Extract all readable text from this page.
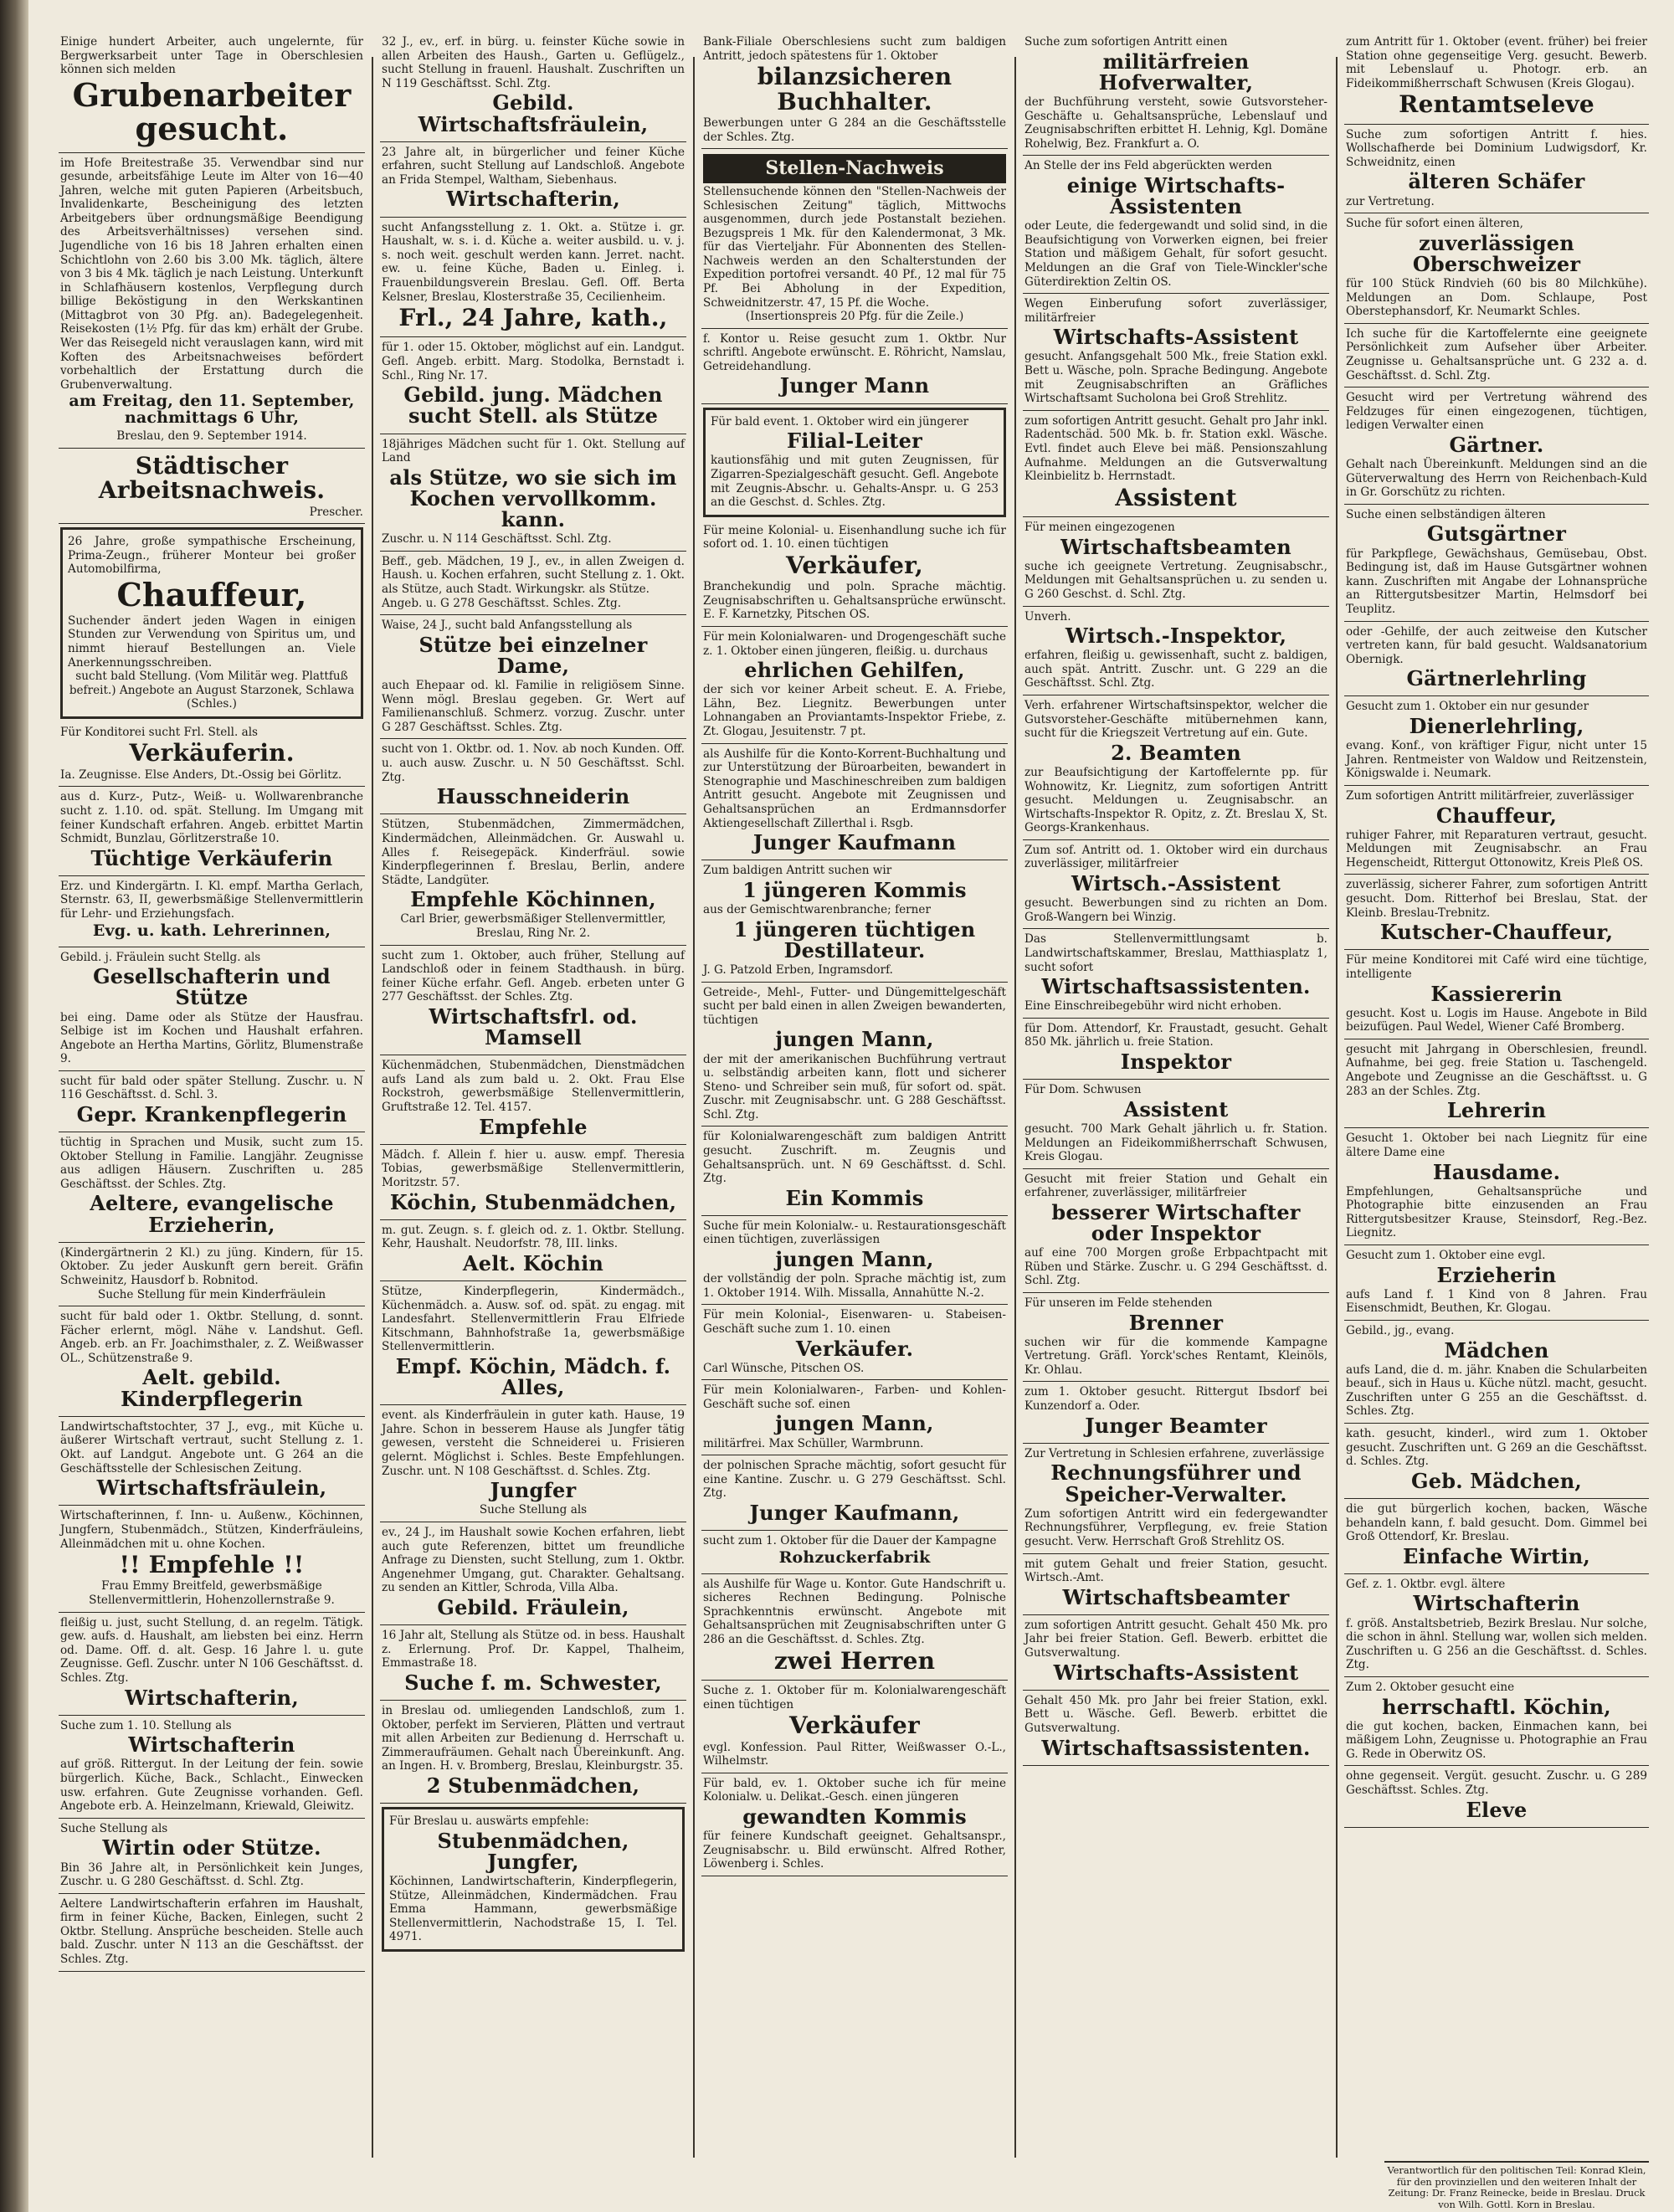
Einige hundert Arbeiter, auch ungelernte, für Bergwerksarbeit unter Tage in Oberschlesien können sich melden
Grubenarbeiter gesucht.
im Hofe Breitestraße 35. Verwendbar sind nur gesunde, arbeitsfähige Leute im Alter von 16—40 Jahren, welche mit guten Papieren (Arbeitsbuch, Invalidenkarte, Bescheinigung des letzten Arbeitgebers über ordnungsmäßige Beendigung des Arbeitsverhältnisses) versehen sind. Jugendliche von 16 bis 18 Jahren erhalten einen Schichtlohn von 2.60 bis 3.00 Mk. täglich, ältere von 3 bis 4 Mk. täglich je nach Leistung. Unterkunft in Schlafhäusern kostenlos, Verpflegung durch billige Beköstigung in den Werkskantinen (Mittagbrot von 30 Pfg. an). Badegelegenheit. Reisekosten (1½ Pfg. für das km) erhält der Grube. Wer das Reisegeld nicht verauslagen kann, wird mit Koften des Arbeitsnachweises befördert vorbehaltlich der Erstattung durch die Grubenverwaltung.
am Freitag, den 11. September, nachmittags 6 Uhr,
Breslau, den 9. September 1914.
Städtischer Arbeitsnachweis.
Prescher.
26 Jahre, große sympathische Erscheinung, Prima-Zeugn., früherer Monteur bei großer Automobilfirma,
Chauffeur,
Suchender ändert jeden Wagen in einigen Stunden zur Verwendung von Spiritus um, und nimmt hierauf Bestellungen an. Viele Anerkennungsschreiben.
sucht bald Stellung. (Vom Militär weg. Plattfuß befreit.) Angebote an August Starzonek, Schlawa (Schles.)
Für Konditorei sucht Frl. Stell. als
Verkäuferin.
Ia. Zeugnisse. Else Anders, Dt.-Ossig bei Görlitz.
aus d. Kurz-, Putz-, Weiß- u. Wollwarenbranche sucht z. 1.10. od. spät. Stellung. Im Umgang mit feiner Kundschaft erfahren. Angeb. erbittet Martin Schmidt, Bunzlau, Görlitzerstraße 10.
Tüchtige Verkäuferin
Erz. und Kindergärtn. I. Kl. empf. Martha Gerlach, Sternstr. 63, II, gewerbsmäßige Stellenvermittlerin für Lehr- und Erziehungsfach.
Evg. u. kath. Lehrerinnen,
Gebild. j. Fräulein sucht Stellg. als
Gesellschafterin und Stütze
bei eing. Dame oder als Stütze der Hausfrau. Selbige ist im Kochen und Haushalt erfahren. Angebote an Hertha Martins, Görlitz, Blumenstraße 9.
sucht für bald oder später Stellung. Zuschr. u. N 116 Geschäftsst. d. Schl. 3.
Gepr. Krankenpflegerin
tüchtig in Sprachen und Musik, sucht zum 15. Oktober Stellung in Familie. Langjähr. Zeugnisse aus adligen Häusern. Zuschriften u. 285 Geschäftsst. der Schles. Ztg.
Aeltere, evangelische Erzieherin,
(Kindergärtnerin 2 Kl.) zu jüng. Kindern, für 15. Oktober. Zu jeder Auskunft gern bereit. Gräfin Schweinitz, Hausdorf b. Robnitod.
Suche Stellung für mein Kinderfräulein
sucht für bald oder 1. Oktbr. Stellung, d. sonnt. Fächer erlernt, mögl. Nähe v. Landshut. Gefl. Angeb. erb. an Fr. Joachimsthaler, z. Z. Weißwasser OL., Schützenstraße 9.
Aelt. gebild. Kinderpflegerin
Landwirtschaftstochter, 37 J., evg., mit Küche u. äußerer Wirtschaft vertraut, sucht Stellung z. 1. Okt. auf Landgut. Angebote unt. G 264 an die Geschäftsstelle der Schlesischen Zeitung.
Wirtschaftsfräulein,
Wirtschafterinnen, f. Inn- u. Außenw., Köchinnen, Jungfern, Stubenmädch., Stützen, Kinderfräuleins, Alleinmädchen mit u. ohne Kochen.
!! Empfehle !!
Frau Emmy Breitfeld, gewerbsmäßige Stellenvermittlerin, Hohenzollernstraße 9.
fleißig u. just, sucht Stellung, d. an regelm. Tätigk. gew. aufs. d. Haushalt, am liebsten bei einz. Herrn od. Dame. Off. d. alt. Gesp. 16 Jahre l. u. gute Zeugnisse. Gefl. Zuschr. unter N 106 Geschäftsst. d. Schles. Ztg.
Wirtschafterin,
Suche zum 1. 10. Stellung als
Wirtschafterin
auf größ. Rittergut. In der Leitung der fein. sowie bürgerlich. Küche, Back., Schlacht., Einwecken usw. erfahren. Gute Zeugnisse vorhanden. Gefl. Angebote erb. A. Heinzelmann, Kriewald, Gleiwitz.
Suche Stellung als
Wirtin oder Stütze.
Bin 36 Jahre alt, in Persönlichkeit kein Junges, Zuschr. u. G 280 Geschäftsst. d. Schl. Ztg.
Aeltere Landwirtschafterin erfahren im Haushalt, firm in feiner Küche, Backen, Einlegen, sucht 2 Oktbr. Stellung. Ansprüche bescheiden. Stelle auch bald. Zuschr. unter N 113 an die Geschäftsst. der Schles. Ztg.
32 J., ev., erf. in bürg. u. feinster Küche sowie in allen Arbeiten des Haush., Garten u. Geflügelz., sucht Stellung in frauenl. Haushalt. Zuschriften un N 119 Geschäftsst. Schl. Ztg.
Gebild. Wirtschaftsfräulein,
23 Jahre alt, in bürgerlicher und feiner Küche erfahren, sucht Stellung auf Landschloß. Angebote an Frida Stempel, Waltham, Siebenhaus.
Wirtschafterin,
sucht Anfangsstellung z. 1. Okt. a. Stütze i. gr. Haushalt, w. s. i. d. Küche a. weiter ausbild. u. v. j. s. noch weit. geschult werden kann. Jerret. nacht. ew. u. feine Küche, Baden u. Einleg. i. Frauenbildungsverein Breslau. Gefl. Off. Berta Kelsner, Breslau, Klosterstraße 35, Cecilienheim.
Frl., 24 Jahre, kath.,
für 1. oder 15. Oktober, möglichst auf ein. Landgut. Gefl. Angeb. erbitt. Marg. Stodolka, Bernstadt i. Schl., Ring Nr. 17.
Gebild. jung. Mädchen sucht Stell. als Stütze
18jähriges Mädchen sucht für 1. Okt. Stellung auf Land
als Stütze, wo sie sich im Kochen vervollkomm. kann.
Zuschr. u. N 114 Geschäftsst. Schl. Ztg.
Beff., geb. Mädchen, 19 J., ev., in allen Zweigen d. Haush. u. Kochen erfahren, sucht Stellung z. 1. Okt. als Stütze, auch Stadt. Wirkungskr. als Stütze.
Angeb. u. G 278 Geschäftsst. Schles. Ztg.
Waise, 24 J., sucht bald Anfangsstellung als
Stütze bei einzelner Dame,
auch Ehepaar od. kl. Familie in religiösem Sinne. Wenn mögl. Breslau gegeben. Gr. Wert auf Familienanschluß. Schmerz. vorzug. Zuschr. unter G 287 Geschäftsst. Schles. Ztg.
sucht von 1. Oktbr. od. 1. Nov. ab noch Kunden. Off. u. auch ausw. Zuschr. u. N 50 Geschäftsst. Schl. Ztg.
Hausschneiderin
Stützen, Stubenmädchen, Zimmermädchen, Kindermädchen, Alleinmädchen. Gr. Auswahl u. Alles f. Reisegepäck. Kinderfräul. sowie Kinderpflegerinnen f. Breslau, Berlin, andere Städte, Landgüter.
Empfehle Köchinnen,
Carl Brier, gewerbsmäßiger Stellenvermittler, Breslau, Ring Nr. 2.
sucht zum 1. Oktober, auch früher, Stellung auf Landschloß oder in feinem Stadthaush. in bürg. feiner Küche erfahr. Gefl. Angeb. erbeten unter G 277 Geschäftsst. der Schles. Ztg.
Wirtschaftsfrl. od. Mamsell
Küchenmädchen, Stubenmädchen, Dienstmädchen aufs Land als zum bald u. 2. Okt. Frau Else Rockstroh, gewerbsmäßige Stellenvermittlerin, Gruftstraße 12. Tel. 4157.
Empfehle
Mädch. f. Allein f. hier u. ausw. empf. Theresia Tobias, gewerbsmäßige Stellenvermittlerin, Moritzstr. 57.
Köchin, Stubenmädchen,
m. gut. Zeugn. s. f. gleich od. z. 1. Oktbr. Stellung. Kehr, Haushalt. Neudorfstr. 78, III. links.
Aelt. Köchin
Stütze, Kinderpflegerin, Kindermädch., Küchenmädch. a. Ausw. sof. od. spät. zu engag. mit Landesfahrt. Stellenvermittlerin Frau Elfriede Kitschmann, Bahnhofstraße 1a, gewerbsmäßige Stellenvermittlerin.
Empf. Köchin, Mädch. f. Alles,
event. als Kinderfräulein in guter kath. Hause, 19 Jahre. Schon in besserem Hause als Jungfer tätig gewesen, versteht die Schneiderei u. Frisieren gelernt. Möglichst i. Schles. Beste Empfehlungen. Zuschr. unt. N 108 Geschäftsst. d. Schles. Ztg.
Jungfer
Suche Stellung als
ev., 24 J., im Haushalt sowie Kochen erfahren, liebt auch gute Referenzen, bittet um freundliche Anfrage zu Diensten, sucht Stellung, zum 1. Oktbr. Angenehmer Umgang, gut. Charakter. Gehaltsang. zu senden an Kittler, Schroda, Villa Alba.
Gebild. Fräulein,
16 Jahr alt, Stellung als Stütze od. in bess. Haushalt z. Erlernung. Prof. Dr. Kappel, Thalheim, Emmastraße 18.
Suche f. m. Schwester,
in Breslau od. umliegenden Landschloß, zum 1. Oktober, perfekt im Servieren, Plätten und vertraut mit allen Arbeiten zur Bedienung d. Herrschaft u. Zimmeraufräumen. Gehalt nach Übereinkunft. Ang. an Ingen. H. v. Bromberg, Breslau, Kleinburgstr. 35.
2 Stubenmädchen,
Für Breslau u. auswärts empfehle:
Stubenmädchen, Jungfer,
Köchinnen, Landwirtschafterin, Kinderpflegerin, Stütze, Alleinmädchen, Kindermädchen. Frau Emma Hammann, gewerbsmäßige Stellenvermittlerin, Nachodstraße 15, I. Tel. 4971.
Bank-Filiale Oberschlesiens sucht zum baldigen Antritt, jedoch spätestens für 1. Oktober
bilanzsicheren Buchhalter.
Bewerbungen unter G 284 an die Geschäftsstelle der Schles. Ztg.
Stellen-Nachweis
Stellensuchende können den "Stellen-Nachweis der Schlesischen Zeitung" täglich, Mittwochs ausgenommen, durch jede Postanstalt beziehen. Bezugspreis 1 Mk. für den Kalendermonat, 3 Mk. für das Vierteljahr. Für Abonnenten des Stellen-Nachweis werden an den Schalterstunden der Expedition portofrei versandt. 40 Pf., 12 mal für 75 Pf. Bei Abholung in der Expedition, Schweidnitzerstr. 47, 15 Pf. die Woche.
(Insertionspreis 20 Pfg. für die Zeile.)
f. Kontor u. Reise gesucht zum 1. Oktbr. Nur schriftl. Angebote erwünscht. E. Röhricht, Namslau, Getreidehandlung.
Junger Mann
Für bald event. 1. Oktober wird ein jüngerer
Filial-Leiter
kautionsfähig und mit guten Zeugnissen, für Zigarren-Spezialgeschäft gesucht. Gefl. Angebote mit Zeugnis-Abschr. u. Gehalts-Anspr. u. G 253 an die Geschst. d. Schles. Ztg.
Für meine Kolonial- u. Eisenhandlung suche ich für sofort od. 1. 10. einen tüchtigen
Verkäufer,
Branchekundig und poln. Sprache mächtig. Zeugnisabschriften u. Gehaltsansprüche erwünscht. E. F. Karnetzky, Pitschen OS.
Für mein Kolonialwaren- und Drogengeschäft suche z. 1. Oktober einen jüngeren, fleißig. u. durchaus
ehrlichen Gehilfen,
der sich vor keiner Arbeit scheut. E. A. Friebe, Lähn, Bez. Liegnitz. Bewerbungen unter Lohnangaben an Proviantamts-Inspektor Friebe, z. Zt. Glogau, Jesuitenstr. 7 pt.
als Aushilfe für die Konto-Korrent-Buchhaltung und zur Unterstützung der Büroarbeiten, bewandert in Stenographie und Maschineschreiben zum baldigen Antritt gesucht. Angebote mit Zeugnissen und Gehaltsansprüchen an Erdmannsdorfer Aktiengesellschaft Zillerthal i. Rsgb.
Junger Kaufmann
Zum baldigen Antritt suchen wir
1 jüngeren Kommis
aus der Gemischtwarenbranche; ferner
1 jüngeren tüchtigen Destillateur.
J. G. Patzold Erben, Ingramsdorf.
Getreide-, Mehl-, Futter- und Düngemittelgeschäft sucht per bald einen in allen Zweigen bewanderten, tüchtigen
jungen Mann,
der mit der amerikanischen Buchführung vertraut u. selbständig arbeiten kann, flott und sicherer Steno- und Schreiber sein muß, für sofort od. spät. Zuschr. mit Zeugnisabschr. unt. G 288 Geschäftsst. Schl. Ztg.
für Kolonialwarengeschäft zum baldigen Antritt gesucht. Zuschrift. m. Zeugnis und Gehaltsansprüch. unt. N 69 Geschäftsst. d. Schl. Ztg.
Ein Kommis
Suche für mein Kolonialw.- u. Restaurationsgeschäft einen tüchtigen, zuverlässigen
jungen Mann,
der vollständig der poln. Sprache mächtig ist, zum 1. Oktober 1914. Wilh. Missalla, Annahütte N.-2.
Für mein Kolonial-, Eisenwaren- u. Stabeisen-Geschäft suche zum 1. 10. einen
Verkäufer.
Carl Wünsche, Pitschen OS.
Für mein Kolonialwaren-, Farben- und Kohlen-Geschäft suche sof. einen
jungen Mann,
militärfrei. Max Schüller, Warmbrunn.
der polnischen Sprache mächtig, sofort gesucht für eine Kantine. Zuschr. u. G 279 Geschäftsst. Schl. Ztg.
Junger Kaufmann,
sucht zum 1. Oktober für die Dauer der Kampagne
Rohzuckerfabrik
als Aushilfe für Wage u. Kontor. Gute Handschrift u. sicheres Rechnen Bedingung. Polnische Sprachkenntnis erwünscht. Angebote mit Gehaltsansprüchen mit Zeugnisabschriften unter G 286 an die Geschäftsst. d. Schles. Ztg.
zwei Herren
Suche z. 1. Oktober für m. Kolonialwarengeschäft einen tüchtigen
Verkäufer
evgl. Konfession. Paul Ritter, Weißwasser O.-L., Wilhelmstr.
Für bald, ev. 1. Oktober suche ich für meine Kolonialw. u. Delikat.-Gesch. einen jüngeren
gewandten Kommis
für feinere Kundschaft geeignet. Gehaltsanspr., Zeugnisabschr. u. Bild erwünscht. Alfred Rother, Löwenberg i. Schles.
Suche zum sofortigen Antritt einen
militärfreien Hofverwalter,
der Buchführung versteht, sowie Gutsvorsteher-Geschäfte u. Gehaltsansprüche, Lebenslauf und Zeugnisabschriften erbittet H. Lehnig, Kgl. Domäne Rohelwig, Bez. Frankfurt a. O.
An Stelle der ins Feld abgerückten werden
einige Wirtschafts-Assistenten
oder Leute, die federgewandt und solid sind, in die Beaufsichtigung von Vorwerken eignen, bei freier Station und mäßigem Gehalt, für sofort gesucht. Meldungen an die Graf von Tiele-Winckler'sche Güterdirektion Zeltin OS.
Wegen Einberufung sofort zuverlässiger, militärfreier
Wirtschafts-Assistent
gesucht. Anfangsgehalt 500 Mk., freie Station exkl. Bett u. Wäsche, poln. Sprache Bedingung. Angebote mit Zeugnisabschriften an Gräfliches Wirtschaftsamt Sucholona bei Groß Strehlitz.
zum sofortigen Antritt gesucht. Gehalt pro Jahr inkl. Radentschäd. 500 Mk. b. fr. Station exkl. Wäsche. Evtl. findet auch Eleve bei mäß. Pensionszahlung Aufnahme. Meldungen an die Gutsverwaltung Kleinbielitz b. Herrnstadt.
Assistent
Für meinen eingezogenen
Wirtschaftsbeamten
suche ich geeignete Vertretung. Zeugnisabschr., Meldungen mit Gehaltsansprüchen u. zu senden u. G 260 Geschst. d. Schl. Ztg.
Unverh.
Wirtsch.-Inspektor,
erfahren, fleißig u. gewissenhaft, sucht z. baldigen, auch spät. Antritt. Zuschr. unt. G 229 an die Geschäftsst. Schl. Ztg.
Verh. erfahrener Wirtschaftsinspektor, welcher die Gutsvorsteher-Geschäfte mitübernehmen kann, sucht für die Kriegszeit Vertretung auf ein. Gute.
2. Beamten
zur Beaufsichtigung der Kartoffelernte pp. für Wohnowitz, Kr. Liegnitz, zum sofortigen Antritt gesucht. Meldungen u. Zeugnisabschr. an Wirtschafts-Inspektor R. Opitz, z. Zt. Breslau X, St. Georgs-Krankenhaus.
Zum sof. Antritt od. 1. Oktober wird ein durchaus zuverlässiger, militärfreier
Wirtsch.-Assistent
gesucht. Bewerbungen sind zu richten an Dom. Groß-Wangern bei Winzig.
Das Stellenvermittlungsamt b. Landwirtschaftskammer, Breslau, Matthiasplatz 1, sucht sofort
Wirtschaftsassistenten.
Eine Einschreibegebühr wird nicht erhoben.
für Dom. Attendorf, Kr. Fraustadt, gesucht. Gehalt 850 Mk. jährlich u. freie Station.
Inspektor
Für Dom. Schwusen
Assistent
gesucht. 700 Mark Gehalt jährlich u. fr. Station. Meldungen an Fideikommißherrschaft Schwusen, Kreis Glogau.
Gesucht mit freier Station und Gehalt ein erfahrener, zuverlässiger, militärfreier
besserer Wirtschafter oder Inspektor
auf eine 700 Morgen große Erbpachtpacht mit Rüben und Stärke. Zuschr. u. G 294 Geschäftsst. d. Schl. Ztg.
Für unseren im Felde stehenden
Brenner
suchen wir für die kommende Kampagne Vertretung. Gräfl. Yorck'sches Rentamt, Kleinöls, Kr. Ohlau.
zum 1. Oktober gesucht. Rittergut Ibsdorf bei Kunzendorf a. Oder.
Junger Beamter
Zur Vertretung in Schlesien erfahrene, zuverlässige
Rechnungsführer und Speicher-Verwalter.
Zum sofortigen Antritt wird ein federgewandter Rechnungsführer, Verpflegung, ev. freie Station gesucht. Verw. Herrschaft Groß Strehlitz OS.
mit gutem Gehalt und freier Station, gesucht. Wirtsch.-Amt.
Wirtschaftsbeamter
zum sofortigen Antritt gesucht. Gehalt 450 Mk. pro Jahr bei freier Station. Gefl. Bewerb. erbittet die Gutsverwaltung.
Wirtschafts-Assistent
Gehalt 450 Mk. pro Jahr bei freier Station, exkl. Bett u. Wäsche. Gefl. Bewerb. erbittet die Gutsverwaltung.
Wirtschaftsassistenten.
zum Antritt für 1. Oktober (event. früher) bei freier Station ohne gegenseitige Verg. gesucht. Bewerb. mit Lebenslauf u. Photogr. erb. an Fideikommißherrschaft Schwusen (Kreis Glogau).
Rentamtseleve
Suche zum sofortigen Antritt f. hies. Wollschafherde bei Dominium Ludwigsdorf, Kr. Schweidnitz, einen
älteren Schäfer
zur Vertretung.
Suche für sofort einen älteren,
zuverlässigen Oberschweizer
für 100 Stück Rindvieh (60 bis 80 Milchkühe). Meldungen an Dom. Schlaupe, Post Oberstephansdorf, Kr. Neumarkt Schles.
Ich suche für die Kartoffelernte eine geeignete Persönlichkeit zum Aufseher über Arbeiter. Zeugnisse u. Gehaltsansprüche unt. G 232 a. d. Geschäftsst. d. Schl. Ztg.
Gesucht wird per Vertretung während des Feldzuges für einen eingezogenen, tüchtigen, ledigen Verwalter einen
Gärtner.
Gehalt nach Übereinkunft. Meldungen sind an die Güterverwaltung des Herrn von Reichenbach-Kuld in Gr. Gorschütz zu richten.
Suche einen selbständigen älteren
Gutsgärtner
für Parkpflege, Gewächshaus, Gemüsebau, Obst. Bedingung ist, daß im Hause Gutsgärtner wohnen kann. Zuschriften mit Angabe der Lohnansprüche an Rittergutsbesitzer Martin, Helmsdorf bei Teuplitz.
oder -Gehilfe, der auch zeitweise den Kutscher vertreten kann, für bald gesucht. Waldsanatorium Obernigk.
Gärtnerlehrling
Gesucht zum 1. Oktober ein nur gesunder
Dienerlehrling,
evang. Konf., von kräftiger Figur, nicht unter 15 Jahren. Rentmeister von Waldow und Reitzenstein, Königswalde i. Neumark.
Zum sofortigen Antritt militärfreier, zuverlässiger
Chauffeur,
ruhiger Fahrer, mit Reparaturen vertraut, gesucht. Meldungen mit Zeugnisabschr. an Frau Hegenscheidt, Rittergut Ottonowitz, Kreis Pleß OS.
zuverlässig, sicherer Fahrer, zum sofortigen Antritt gesucht. Dom. Ritterhof bei Breslau, Stat. der Kleinb. Breslau-Trebnitz.
Kutscher-Chauffeur,
Für meine Konditorei mit Café wird eine tüchtige, intelligente
Kassiererin
gesucht. Kost u. Logis im Hause. Angebote in Bild beizufügen. Paul Wedel, Wiener Café Bromberg.
gesucht mit Jahrgang in Oberschlesien, freundl. Aufnahme, bei geg. freie Station u. Taschengeld. Angebote und Zeugnisse an die Geschäftsst. u. G 283 an der Schles. Ztg.
Lehrerin
Gesucht 1. Oktober bei nach Liegnitz für eine ältere Dame eine
Hausdame.
Empfehlungen, Gehaltsansprüche und Photographie bitte einzusenden an Frau Rittergutsbesitzer Krause, Steinsdorf, Reg.-Bez. Liegnitz.
Gesucht zum 1. Oktober eine evgl.
Erzieherin
aufs Land f. 1 Kind von 8 Jahren. Frau Eisenschmidt, Beuthen, Kr. Glogau.
Gebild., jg., evang.
Mädchen
aufs Land, die d. m. jähr. Knaben die Schularbeiten beauf., sich in Haus u. Küche nützl. macht, gesucht. Zuschriften unter G 255 an die Geschäftsst. d. Schles. Ztg.
kath. gesucht, kinderl., wird zum 1. Oktober gesucht. Zuschriften unt. G 269 an die Geschäftsst. d. Schles. Ztg.
Geb. Mädchen,
die gut bürgerlich kochen, backen, Wäsche behandeln kann, f. bald gesucht. Dom. Gimmel bei Groß Ottendorf, Kr. Breslau.
Einfache Wirtin,
Gef. z. 1. Oktbr. evgl. ältere
Wirtschafterin
f. größ. Anstaltsbetrieb, Bezirk Breslau. Nur solche, die schon in ähnl. Stellung war, wollen sich melden. Zuschriften u. G 256 an die Geschäftsst. d. Schles. Ztg.
Zum 2. Oktober gesucht eine
herrschaftl. Köchin,
die gut kochen, backen, Einmachen kann, bei mäßigem Lohn, Zeugnisse u. Photographie an Frau G. Rede in Oberwitz OS.
ohne gegenseit. Vergüt. gesucht. Zuschr. u. G 289 Geschäftsst. Schles. Ztg.
Eleve
Verantwortlich für den politischen Teil: Konrad Klein, für den provinziellen und den weiteren Inhalt der Zeitung: Dr. Franz Reinecke, beide in Breslau. Druck von Wilh. Gottl. Korn in Breslau.
